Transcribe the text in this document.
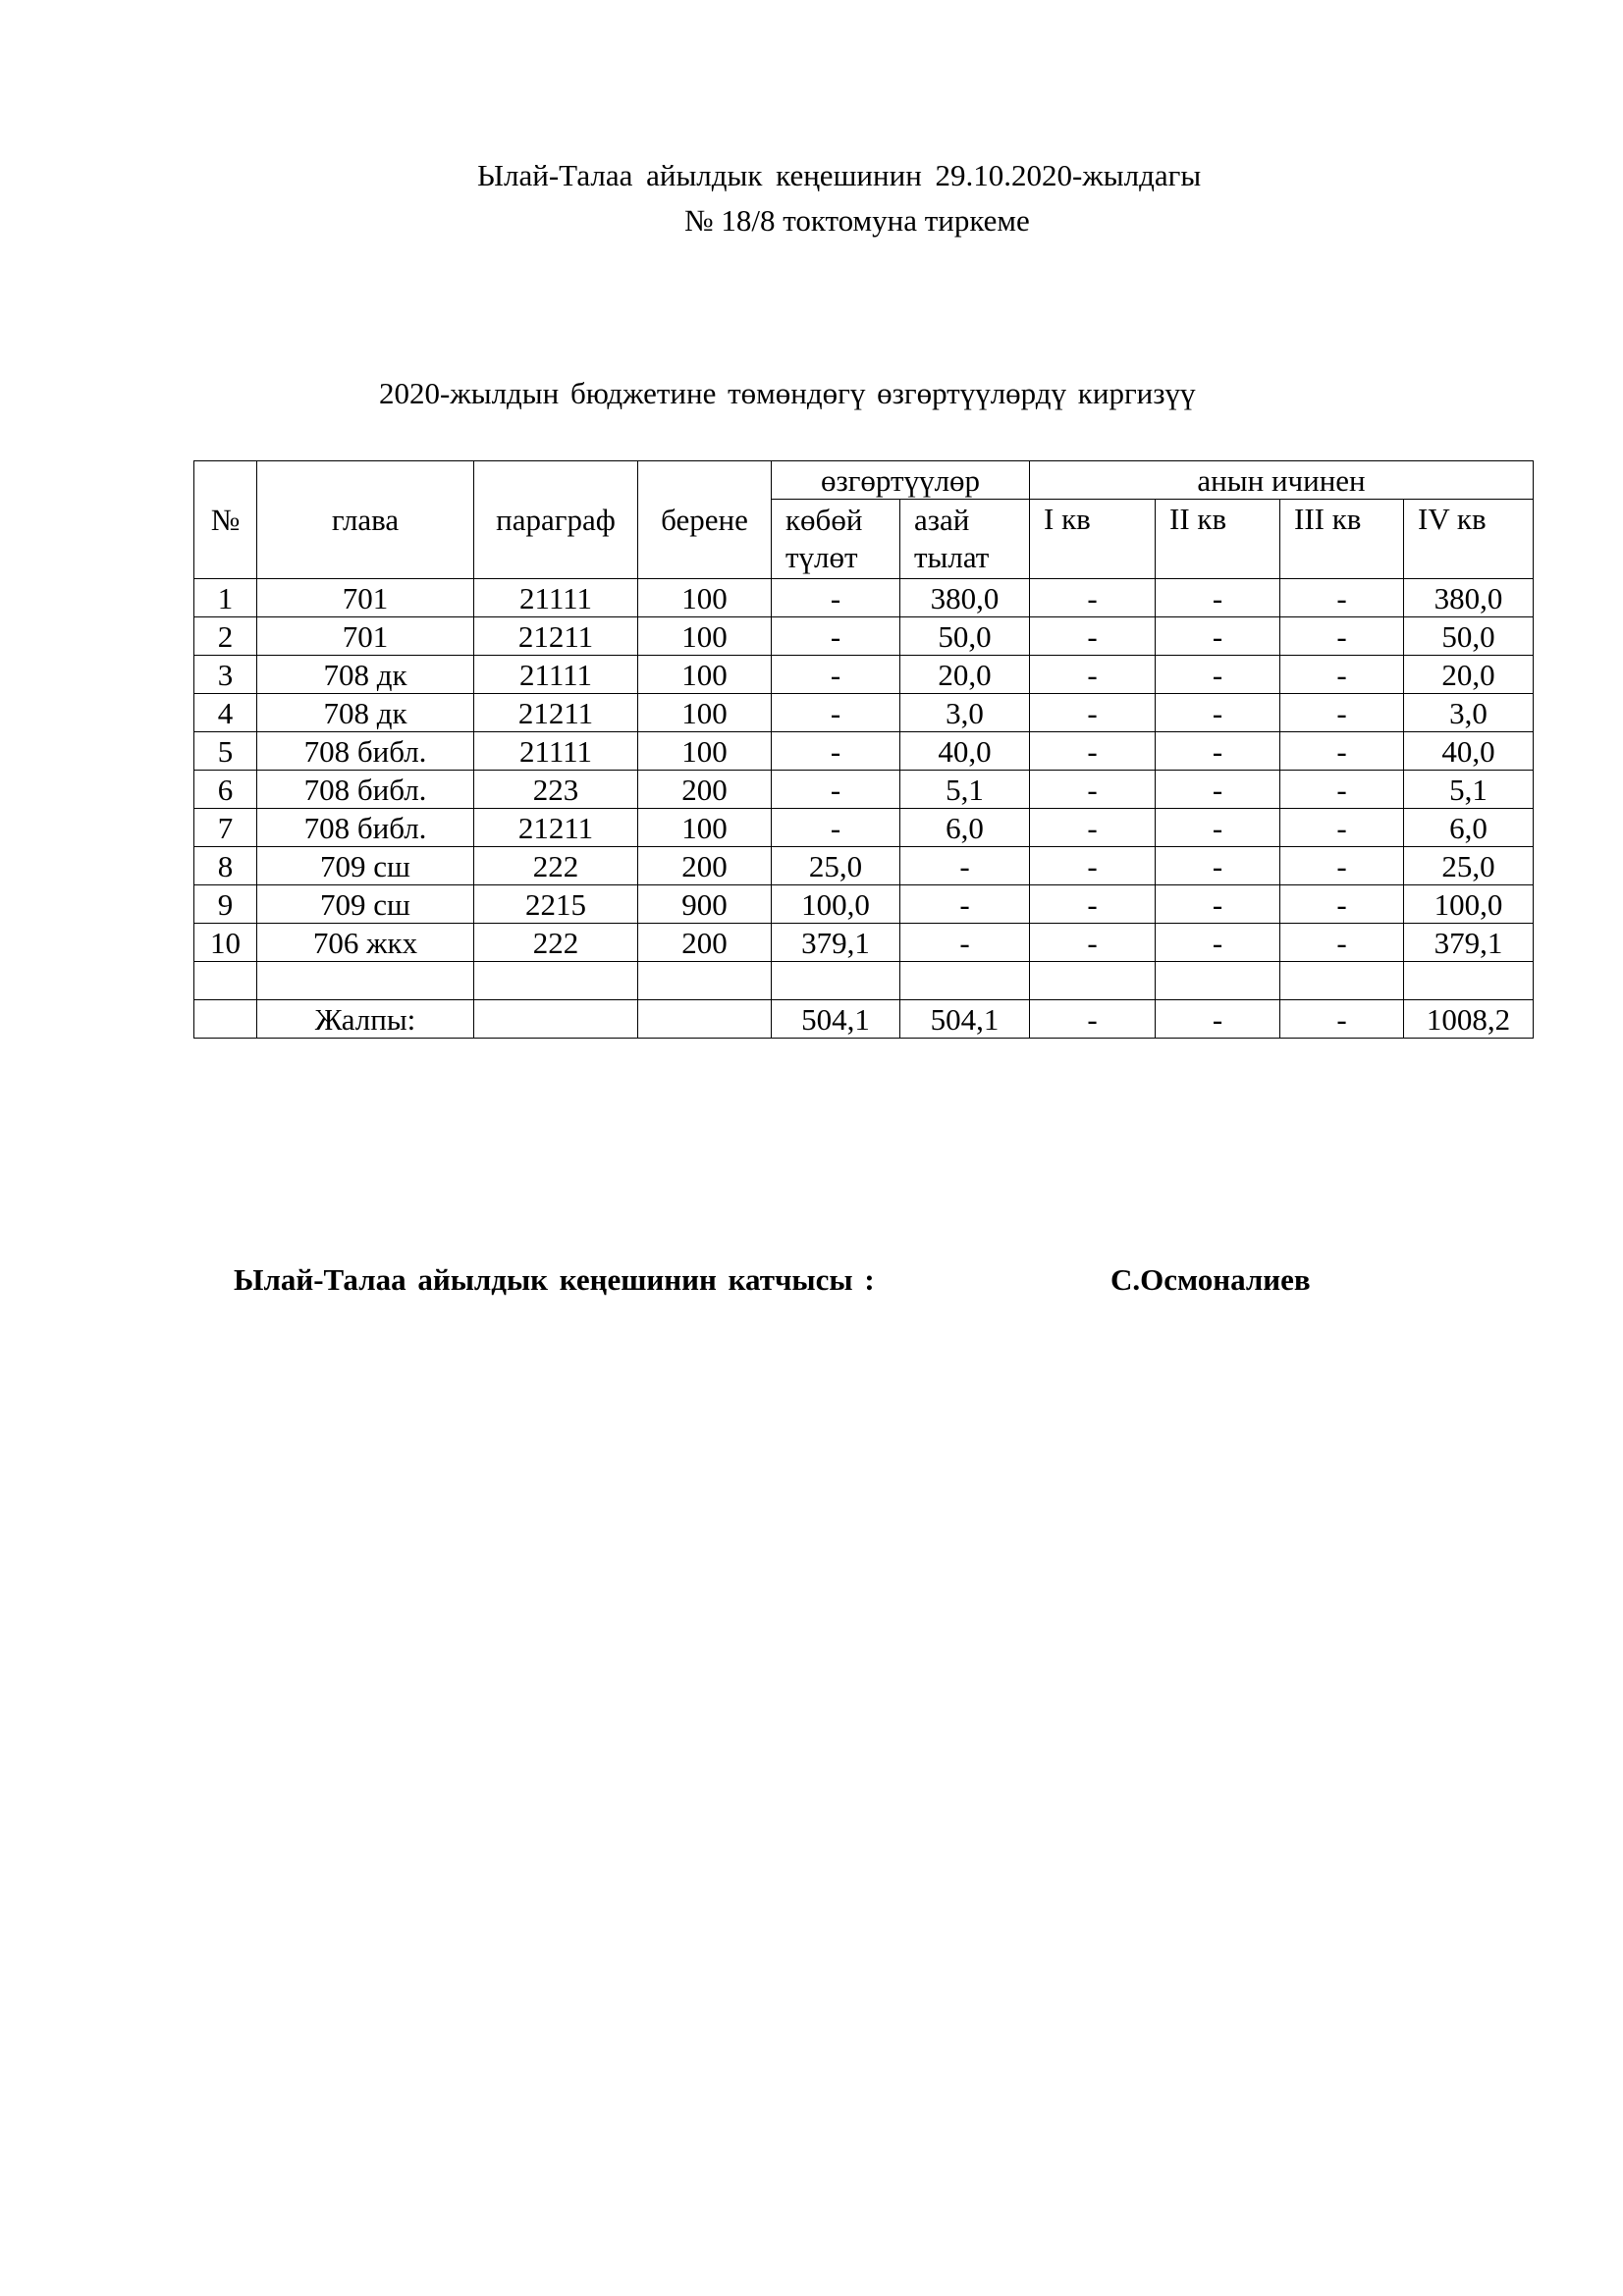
Ылай-Талаа айылдык кеңешинин 29.10.2020-жылдагы
№ 18/8 токтомуна тиркеме
2020-жылдын бюджетине төмөндөгү өзгөртүүлөрдү киргизүү
№	глава	параграф	берене	өзгөртүүлөр		анын ичинен			
				көбөй түлөт	азай тылат	I кв	II кв	III кв	IV кв
1	701	21111	100	-	380,0	-	-	-	380,0
2	701	21211	100	-	50,0	-	-	-	50,0
3	708 дк	21111	100	-	20,0	-	-	-	20,0
4	708 дк	21211	100	-	3,0	-	-	-	3,0
5	708 библ.	21111	100	-	40,0	-	-	-	40,0
6	708 библ.	223	200	-	5,1	-	-	-	5,1
7	708 библ.	21211	100	-	6,0	-	-	-	6,0
8	709 сш	222	200	25,0	-	-	-	-	25,0
9	709 сш	2215	900	100,0	-	-	-	-	100,0
10	706 жкх	222	200	379,1	-	-	-	-	379,1

	Жалпы:			504,1	504,1	-	-	-	1008,2
Ылай-Талаа айылдык кеңешинин катчысы :	С.Осмоналиев
